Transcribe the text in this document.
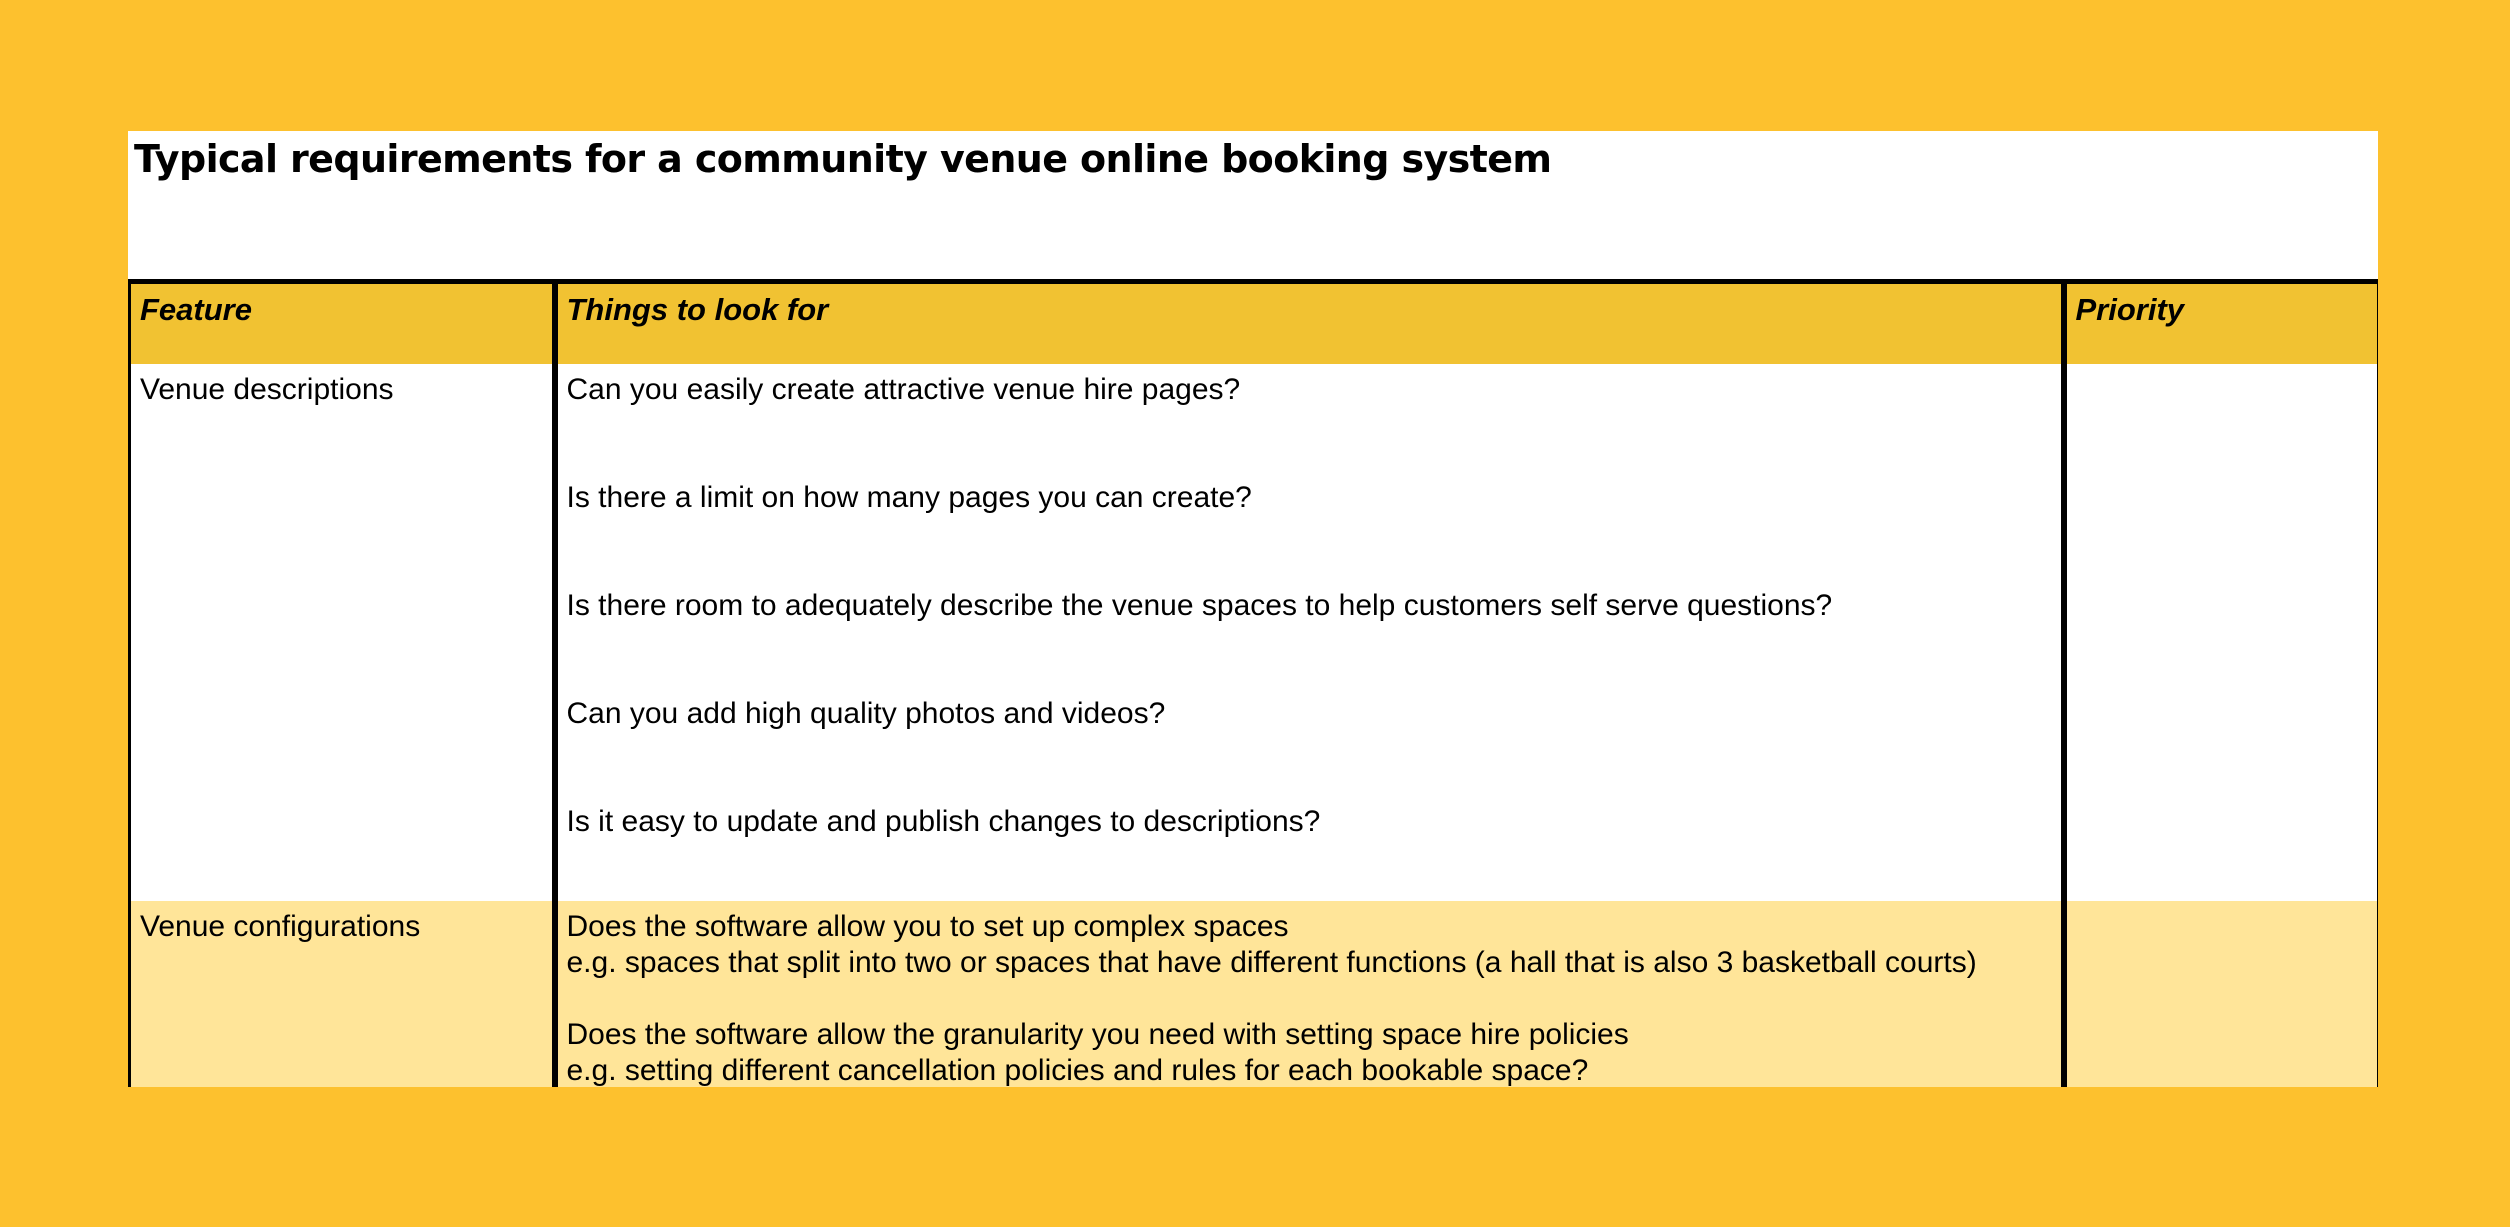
Typical requirements for a community venue online booking system
Feature	Things to look for	Priority
Venue descriptions	Can you easily create attractive venue hire pages?
Is there a limit on how many pages you can create?
Is there room to adequately describe the venue spaces to help customers self serve questions?
Can you add high quality photos and videos?
Is it easy to update and publish changes to descriptions?	

Venue configurations	Does the software allow you to set up complex spaces
e.g. spaces that split into two or spaces that have different functions (a hall that is also 3 basketball courts)
Does the software allow the granularity you need with setting space hire policies
e.g. setting different cancellation policies and rules for each bookable space?	
